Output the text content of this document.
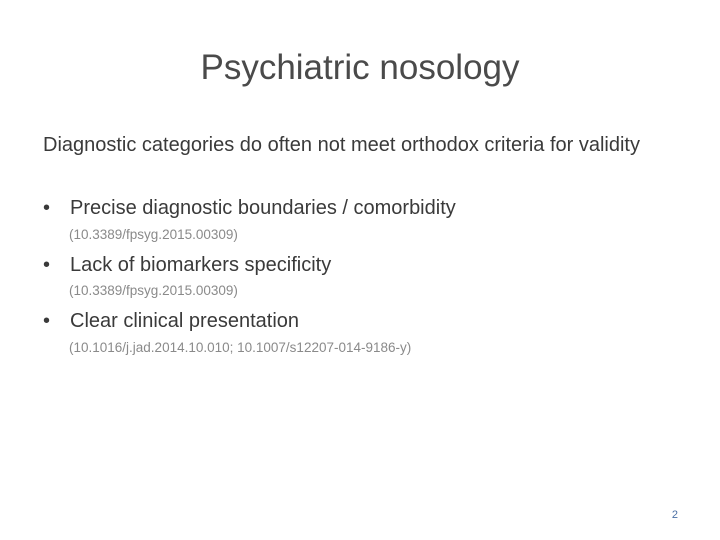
Psychiatric nosology
Diagnostic categories do often not meet orthodox criteria for validity
• Precise diagnostic boundaries / comorbidity
(10.3389/fpsyg.2015.00309)
• Lack of biomarkers specificity
(10.3389/fpsyg.2015.00309)
• Clear clinical presentation
(10.1016/j.jad.2014.10.010; 10.1007/s12207-014-9186-y)
2
